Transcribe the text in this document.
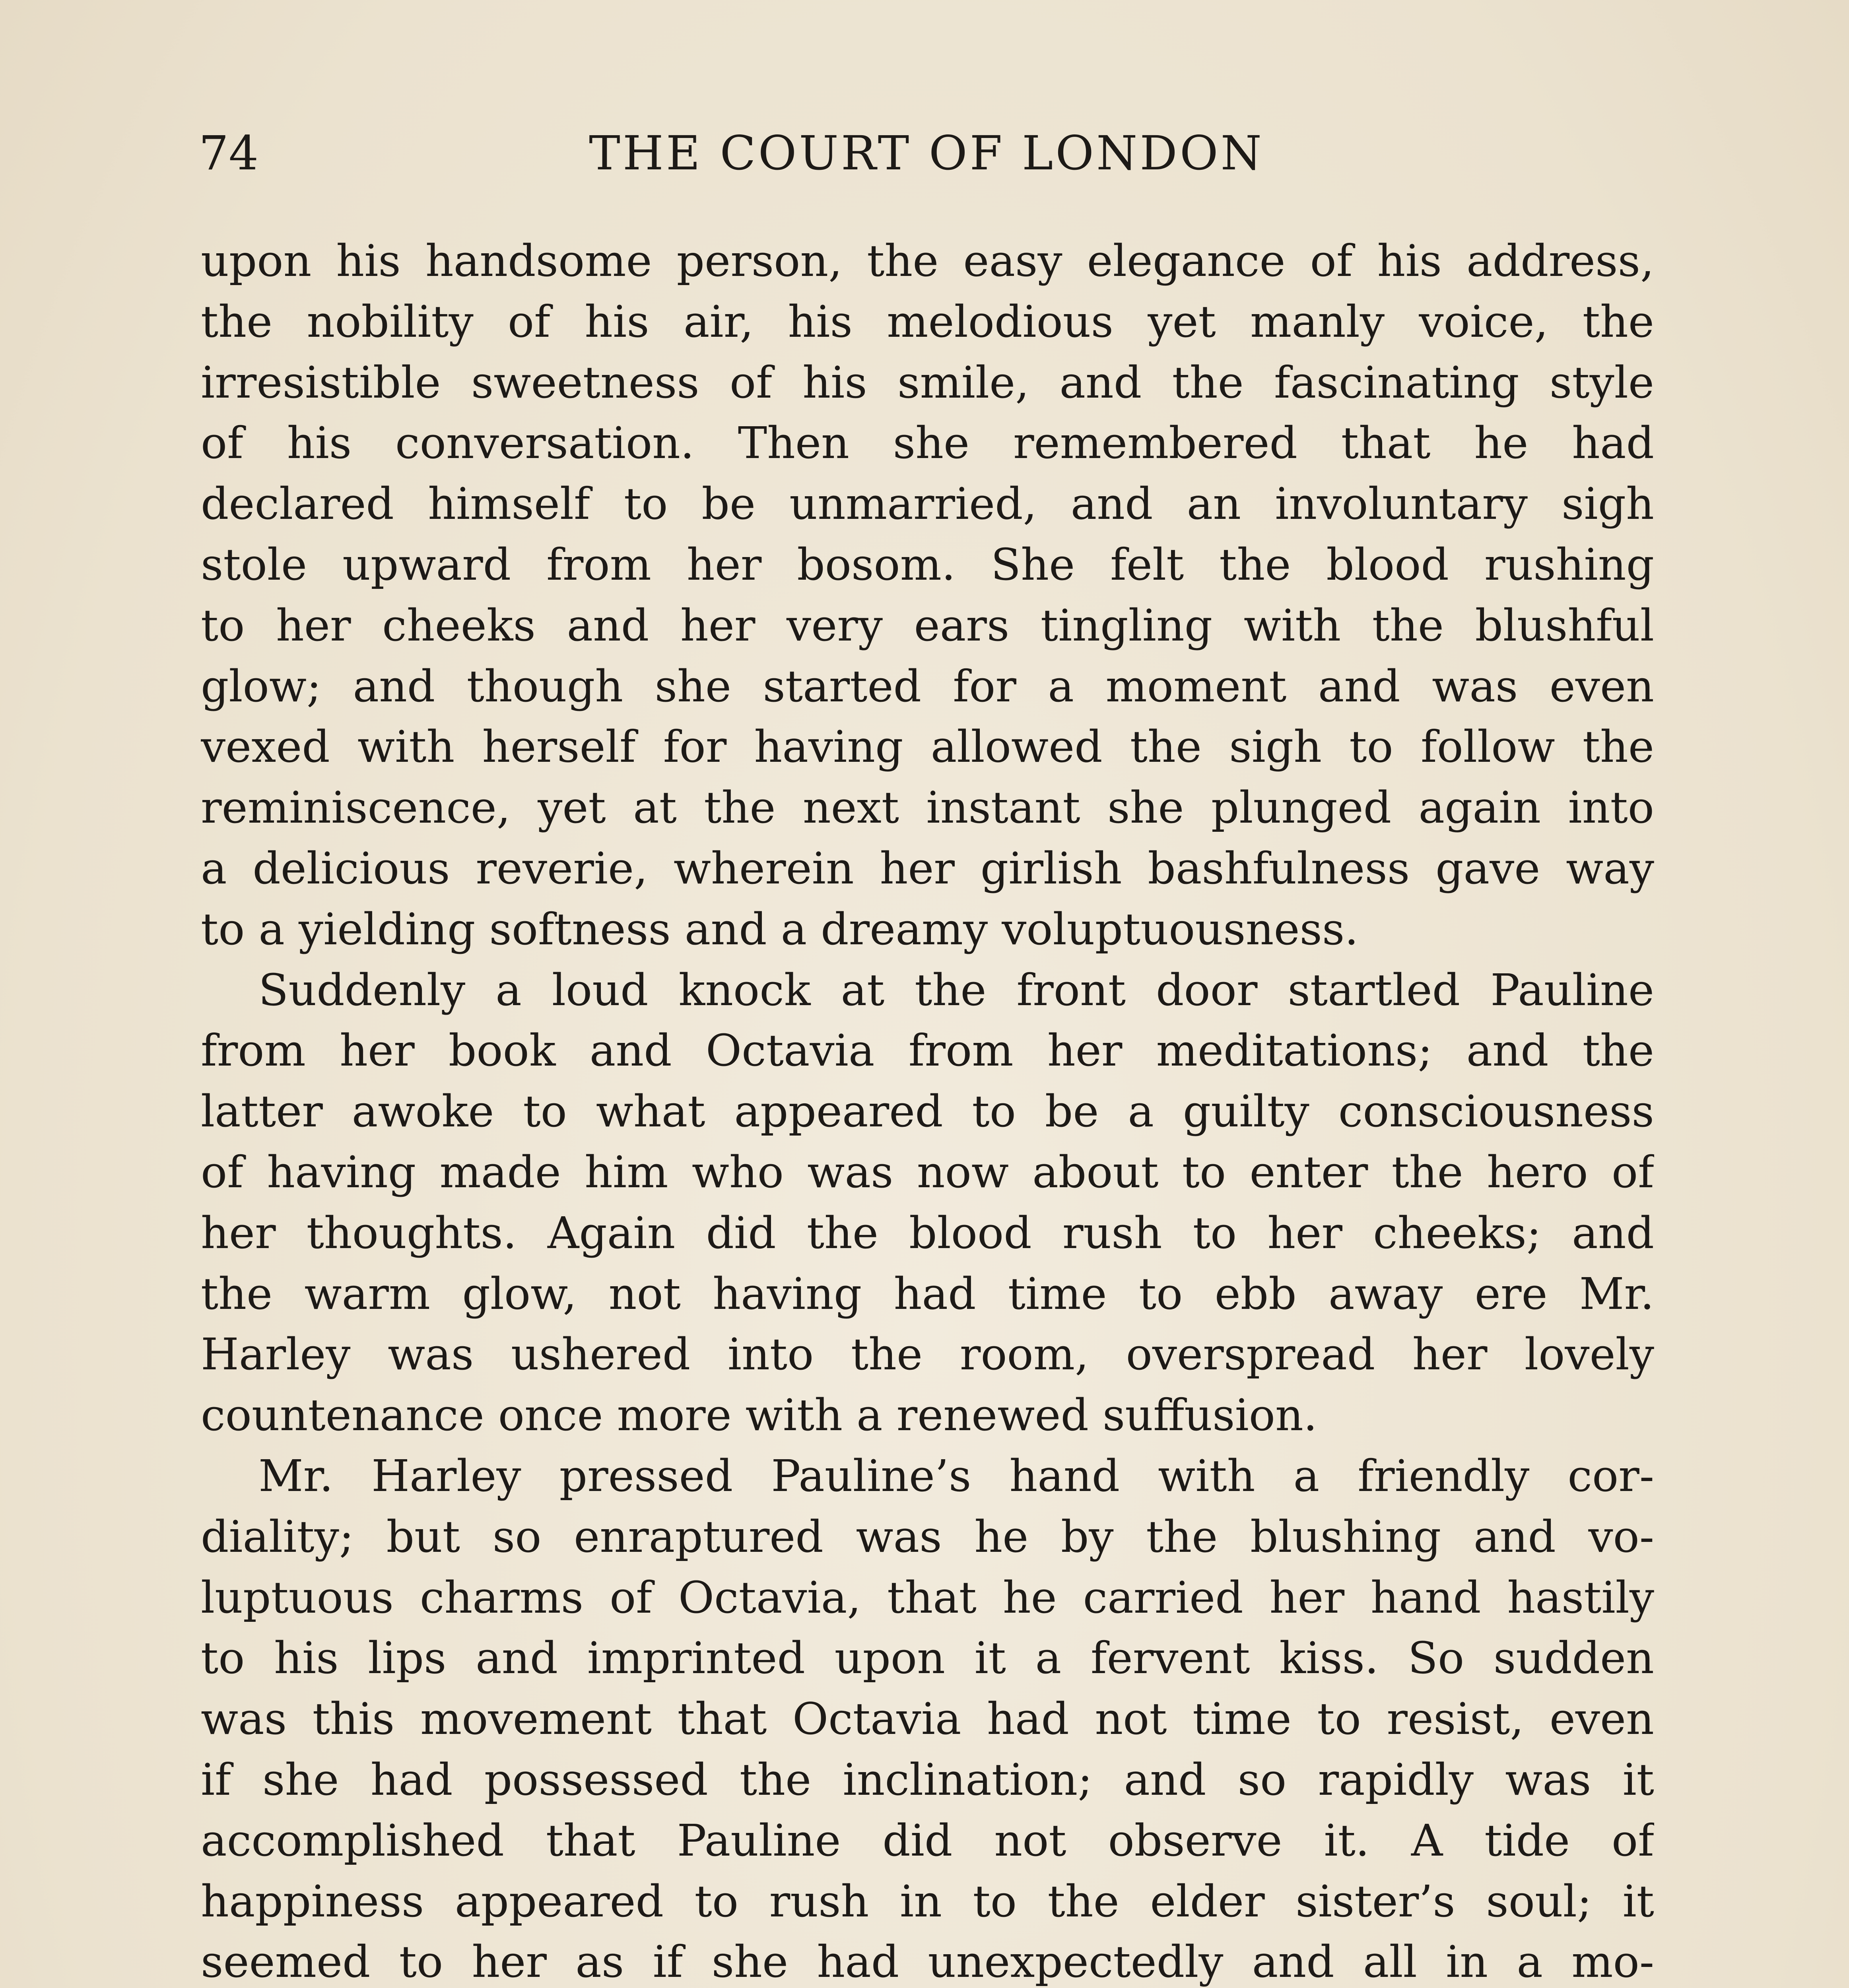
74	THE COURT OF LONDON
upon his handsome person, the easy elegance of his address,
the nobility of his air, his melodious yet manly voice, the
irresistible sweetness of his smile, and the fascinating style
of his conversation. Then she remembered that he had
declared himself to be unmarried, and an involuntary sigh
stole upward from her bosom. She felt the blood rushing
to her cheeks and her very ears tingling with the blushful
glow; and though she started for a moment and was even
vexed with herself for having allowed the sigh to follow the
reminiscence, yet at the next instant she plunged again into
a delicious reverie, wherein her girlish bashfulness gave way
to a yielding softness and a dreamy voluptuousness.
Suddenly a loud knock at the front door startled Pauline
from her book and Octavia from her meditations; and the
latter awoke to what appeared to be a guilty consciousness
of having made him who was now about to enter the hero of
her thoughts. Again did the blood rush to her cheeks; and
the warm glow, not having had time to ebb away ere Mr.
Harley was ushered into the room, overspread her lovely
countenance once more with a renewed suffusion.
Mr. Harley pressed Pauline’s hand with a friendly cor-
diality; but so enraptured was he by the blushing and vo-
luptuous charms of Octavia, that he carried her hand hastily
to his lips and imprinted upon it a fervent kiss. So sudden
was this movement that Octavia had not time to resist, even
if she had possessed the inclination; and so rapidly was it
accomplished that Pauline did not observe it. A tide of
happiness appeared to rush in to the elder sister’s soul; it
seemed to her as if she had unexpectedly and all in a mo-
